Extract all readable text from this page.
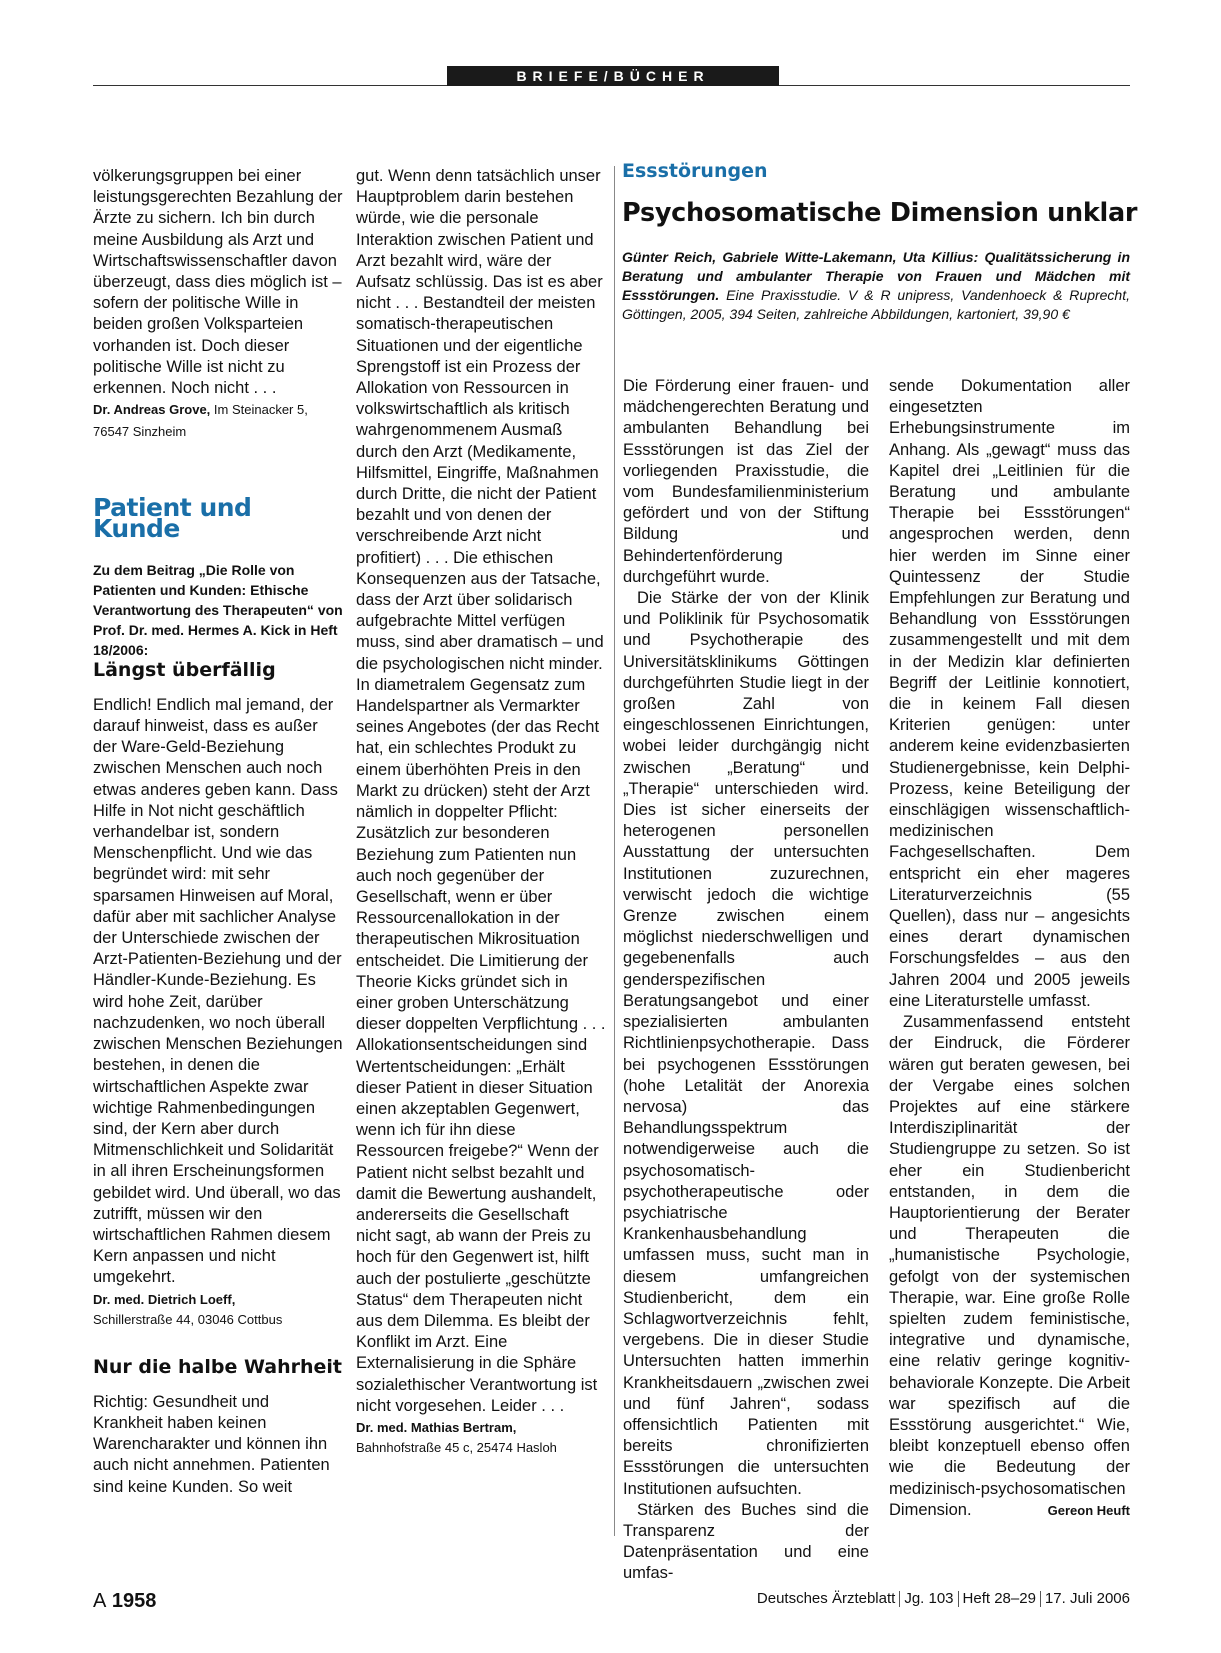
BRIEFE/BÜCHER

völkerungsgruppen bei einer leistungsgerechten Bezahlung der Ärzte zu sichern. Ich bin durch meine Ausbildung als Arzt und Wirtschaftswissenschaftler davon überzeugt, dass dies möglich ist – sofern der politische Wille in beiden großen Volksparteien vorhanden ist. Doch dieser politische Wille ist nicht zu erkennen. Noch nicht . . .

Dr. Andreas Grove, Im Steinacker 5, 76547 Sinzheim
Patient und Kunde

Zu dem Beitrag „Die Rolle von Patienten und Kunden: Ethische Verantwortung des Therapeuten“ von Prof. Dr. med. Hermes A. Kick in Heft 18/2006:

Längst überfällig

Endlich! Endlich mal jemand, der darauf hinweist, dass es außer der Ware-Geld-Beziehung zwischen Menschen auch noch etwas anderes geben kann. Dass Hilfe in Not nicht geschäftlich verhandelbar ist, sondern Menschenpflicht. Und wie das begründet wird: mit sehr sparsamen Hinweisen auf Moral, dafür aber mit sachlicher Analyse der Unterschiede zwischen der Arzt-Patienten-Beziehung und der Händler-Kunde-Beziehung. Es wird hohe Zeit, darüber nachzudenken, wo noch überall zwischen Menschen Beziehungen bestehen, in denen die wirtschaftlichen Aspekte zwar wichtige Rahmenbedingungen sind, der Kern aber durch Mitmenschlichkeit und Solidarität in all ihren Erscheinungsformen gebildet wird. Und überall, wo das zutrifft, müssen wir den wirtschaftlichen Rahmen diesem Kern anpassen und nicht umgekehrt.

Dr. med. Dietrich Loeff,
Schillerstraße 44, 03046 Cottbus
Nur die halbe Wahrheit

Richtig: Gesundheit und Krankheit haben keinen Warencharakter und können ihn auch nicht annehmen. Patienten sind keine Kunden. So weit

gut. Wenn denn tatsächlich unser Hauptproblem darin bestehen würde, wie die personale Interaktion zwischen Patient und Arzt bezahlt wird, wäre der Aufsatz schlüssig. Das ist es aber nicht . . . Bestandteil der meisten somatisch-therapeutischen Situationen und der eigentliche Sprengstoff ist ein Prozess der Allokation von Ressourcen in volkswirtschaftlich als kritisch wahrgenommenem Ausmaß durch den Arzt (Medikamente, Hilfsmittel, Eingriffe, Maßnahmen durch Dritte, die nicht der Patient bezahlt und von denen der verschreibende Arzt nicht profitiert) . . . Die ethischen Konsequenzen aus der Tatsache, dass der Arzt über solidarisch aufgebrachte Mittel verfügen muss, sind aber dramatisch – und die psychologischen nicht minder. In diametralem Gegensatz zum Handelspartner als Vermarkter seines Angebotes (der das Recht hat, ein schlechtes Produkt zu einem überhöhten Preis in den Markt zu drücken) steht der Arzt nämlich in doppelter Pflicht: Zusätzlich zur besonderen Beziehung zum Patienten nun auch noch gegenüber der Gesellschaft, wenn er über Ressourcenallokation in der therapeutischen Mikrosituation entscheidet. Die Limitierung der Theorie Kicks gründet sich in einer groben Unterschätzung dieser doppelten Verpflichtung . . . Allokationsentscheidungen sind Wertentscheidungen: „Erhält dieser Patient in dieser Situation einen akzeptablen Gegenwert, wenn ich für ihn diese Ressourcen freigebe?“ Wenn der Patient nicht selbst bezahlt und damit die Bewertung aushandelt, andererseits die Gesellschaft nicht sagt, ab wann der Preis zu hoch für den Gegenwert ist, hilft auch der postulierte „geschützte Status“ dem Therapeuten nicht aus dem Dilemma. Es bleibt der Konflikt im Arzt. Eine Externalisierung in die Sphäre sozialethischer Verantwortung ist nicht vorgesehen. Leider . . .

Dr. med. Mathias Bertram,
Bahnhofstraße 45 c, 25474 Hasloh
Essstörungen
Psychosomatische Dimension unklar
Günter Reich, Gabriele Witte-Lakemann, Uta Killius: Qualitätssicherung in Beratung und ambulanter Therapie von Frauen und Mädchen mit Essstörungen. Eine Praxisstudie. V & R unipress, Vandenhoeck & Ruprecht, Göttingen, 2005, 394 Seiten, zahlreiche Abbildungen, kartoniert, 39,90 €

Die Förderung einer frauen- und mädchengerechten Beratung und ambulanten Behandlung bei Essstörungen ist das Ziel der vorliegenden Praxisstudie, die vom Bundesfamilienministerium gefördert und von der Stiftung Bildung und Behindertenförderung durchgeführt wurde.

Die Stärke der von der Klinik und Poliklinik für Psychosomatik und Psychotherapie des Universitätsklinikums Göttingen durchgeführten Studie liegt in der großen Zahl von eingeschlossenen Einrichtungen, wobei leider durchgängig nicht zwischen „Beratung“ und „Therapie“ unterschieden wird. Dies ist sicher einerseits der heterogenen personellen Ausstattung der untersuchten Institutionen zuzurechnen, verwischt jedoch die wichtige Grenze zwischen einem möglichst niederschwelligen und gegebenenfalls auch genderspezifischen Beratungsangebot und einer spezialisierten ambulanten Richtlinienpsychotherapie. Dass bei psychogenen Essstörungen (hohe Letalität der Anorexia nervosa) das Behandlungsspektrum notwendigerweise auch die psychosomatisch-psychotherapeutische oder psychiatrische Krankenhausbehandlung umfassen muss, sucht man in diesem umfangreichen Studienbericht, dem ein Schlagwortverzeichnis fehlt, vergebens. Die in dieser Studie Untersuchten hatten immerhin Krankheitsdauern „zwischen zwei und fünf Jahren“, sodass offensichtlich Patienten mit bereits chronifizierten Essstörungen die untersuchten Institutionen aufsuchten.

Stärken des Buches sind die Transparenz der Datenpräsentation und eine umfas-

sende Dokumentation aller eingesetzten Erhebungsinstrumente im Anhang. Als „gewagt“ muss das Kapitel drei „Leitlinien für die Beratung und ambulante Therapie bei Essstörungen“ angesprochen werden, denn hier werden im Sinne einer Quintessenz der Studie Empfehlungen zur Beratung und Behandlung von Essstörungen zusammengestellt und mit dem in der Medizin klar definierten Begriff der Leitlinie konnotiert, die in keinem Fall diesen Kriterien genügen: unter anderem keine evidenzbasierten Studienergebnisse, kein Delphi-Prozess, keine Beteiligung der einschlägigen wissenschaftlich-medizinischen Fachgesellschaften. Dem entspricht ein eher mageres Literaturverzeichnis (55 Quellen), dass nur – angesichts eines derart dynamischen Forschungsfeldes – aus den Jahren 2004 und 2005 jeweils eine Literaturstelle umfasst.

Zusammenfassend entsteht der Eindruck, die Förderer wären gut beraten gewesen, bei der Vergabe eines solchen Projektes auf eine stärkere Interdisziplinarität der Studiengruppe zu setzen. So ist eher ein Studienbericht entstanden, in dem die Hauptorientierung der Berater und Therapeuten die „humanistische Psychologie, gefolgt von der systemischen Therapie, war. Eine große Rolle spielten zudem feministische, integrative und dynamische, eine relativ geringe kognitiv-behaviorale Konzepte. Die Arbeit war spezifisch auf die Essstörung ausgerichtet.“ Wie, bleibt konzeptuell ebenso offen wie die Bedeutung der medizinisch-psychosomatischen Dimension.	Gereon Heuft

A 1958	Deutsches Ärzteblatt Jg. 103 Heft 28–29 17. Juli 2006
